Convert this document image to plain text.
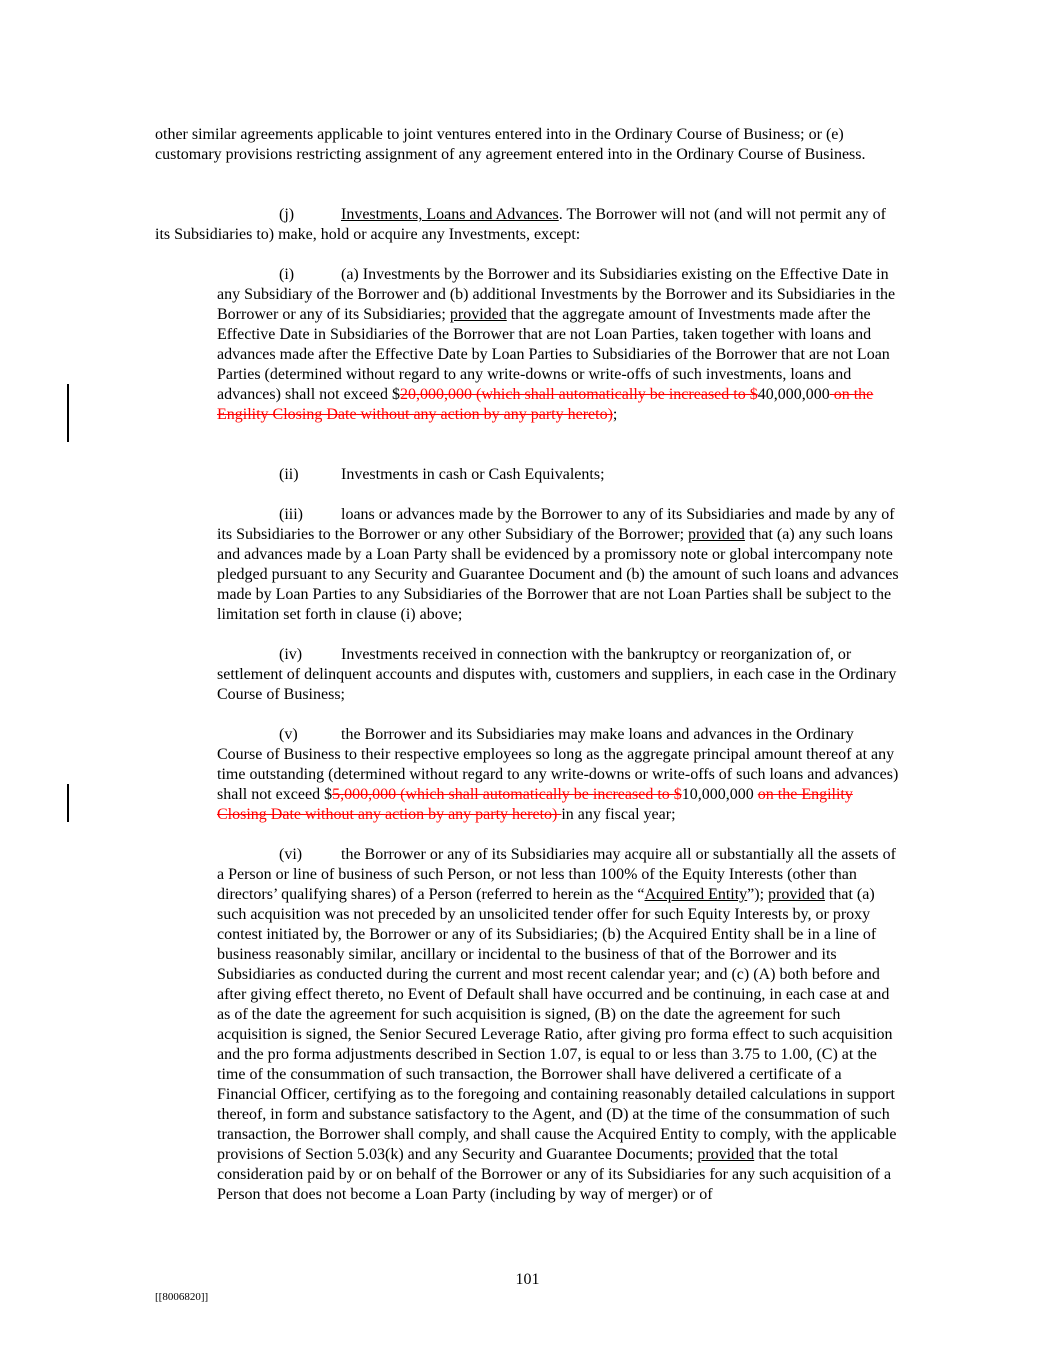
other similar agreements applicable to joint ventures entered into in the Ordinary Course of Business; or (e) customary provisions restricting assignment of any agreement entered into in the Ordinary Course of Business.

(j)	Investments, Loans and Advances. The Borrower will not (and will not permit any of its Subsidiaries to) make, hold or acquire any Investments, except:

(i)	(a) Investments by the Borrower and its Subsidiaries existing on the Effective Date in any Subsidiary of the Borrower and (b) additional Investments by the Borrower and its Subsidiaries in the Borrower or any of its Subsidiaries; provided that the aggregate amount of Investments made after the Effective Date in Subsidiaries of the Borrower that are not Loan Parties, taken together with loans and advances made after the Effective Date by Loan Parties to Subsidiaries of the Borrower that are not Loan Parties (determined without regard to any write-downs or write-offs of such investments, loans and advances) shall not exceed $20,000,000 (which shall automatically be increased to $40,000,000 on the Engility Closing Date without any action by any party hereto);

(ii)	Investments in cash or Cash Equivalents;

(iii) loans or advances made by the Borrower to any of its Subsidiaries and made by any of its Subsidiaries to the Borrower or any other Subsidiary of the Borrower; provided that (a) any such loans and advances made by a Loan Party shall be evidenced by a promissory note or global intercompany note pledged pursuant to any Security and Guarantee Document and (b) the amount of such loans and advances made by Loan Parties to any Subsidiaries of the Borrower that are not Loan Parties shall be subject to the limitation set forth in clause (i) above;

(iv) Investments received in connection with the bankruptcy or reorganization of, or settlement of delinquent accounts and disputes with, customers and suppliers, in each case in the Ordinary Course of Business;

(v)	the Borrower and its Subsidiaries may make loans and advances in the Ordinary Course of Business to their respective employees so long as the aggregate principal amount thereof at any time outstanding (determined without regard to any write-downs or write-offs of such loans and advances) shall not exceed $5,000,000 (which shall automatically be increased to $10,000,000 on the Engility Closing Date without any action by any party hereto) in any fiscal year;

(vi) the Borrower or any of its Subsidiaries may acquire all or substantially all the assets of a Person or line of business of such Person, or not less than 100% of the Equity Interests (other than directors’ qualifying shares) of a Person (referred to herein as the “Acquired Entity”); provided that (a) such acquisition was not preceded by an unsolicited tender offer for such Equity Interests by, or proxy contest initiated by, the Borrower or any of its Subsidiaries; (b) the Acquired Entity shall be in a line of business reasonably similar, ancillary or incidental to the business of that of the Borrower and its Subsidiaries as conducted during the current and most recent calendar year; and (c) (A) both before and after giving effect thereto, no Event of Default shall have occurred and be continuing, in each case at and as of the date the agreement for such acquisition is signed, (B) on the date the agreement for such acquisition is signed, the Senior Secured Leverage Ratio, after giving pro forma effect to such acquisition and the pro forma adjustments described in Section 1.07, is equal to or less than 3.75 to 1.00, (C) at the time of the consummation of such transaction, the Borrower shall have delivered a certificate of a Financial Officer, certifying as to the foregoing and containing reasonably detailed calculations in support thereof, in form and substance satisfactory to the Agent, and (D) at the time of the consummation of such transaction, the Borrower shall comply, and shall cause the Acquired Entity to comply, with the applicable provisions of Section 5.03(k) and any Security and Guarantee Documents; provided that the total consideration paid by or on behalf of the Borrower or any of its Subsidiaries for any such acquisition of a Person that does not become a Loan Party (including by way of merger) or of

101
[[8006820]]
